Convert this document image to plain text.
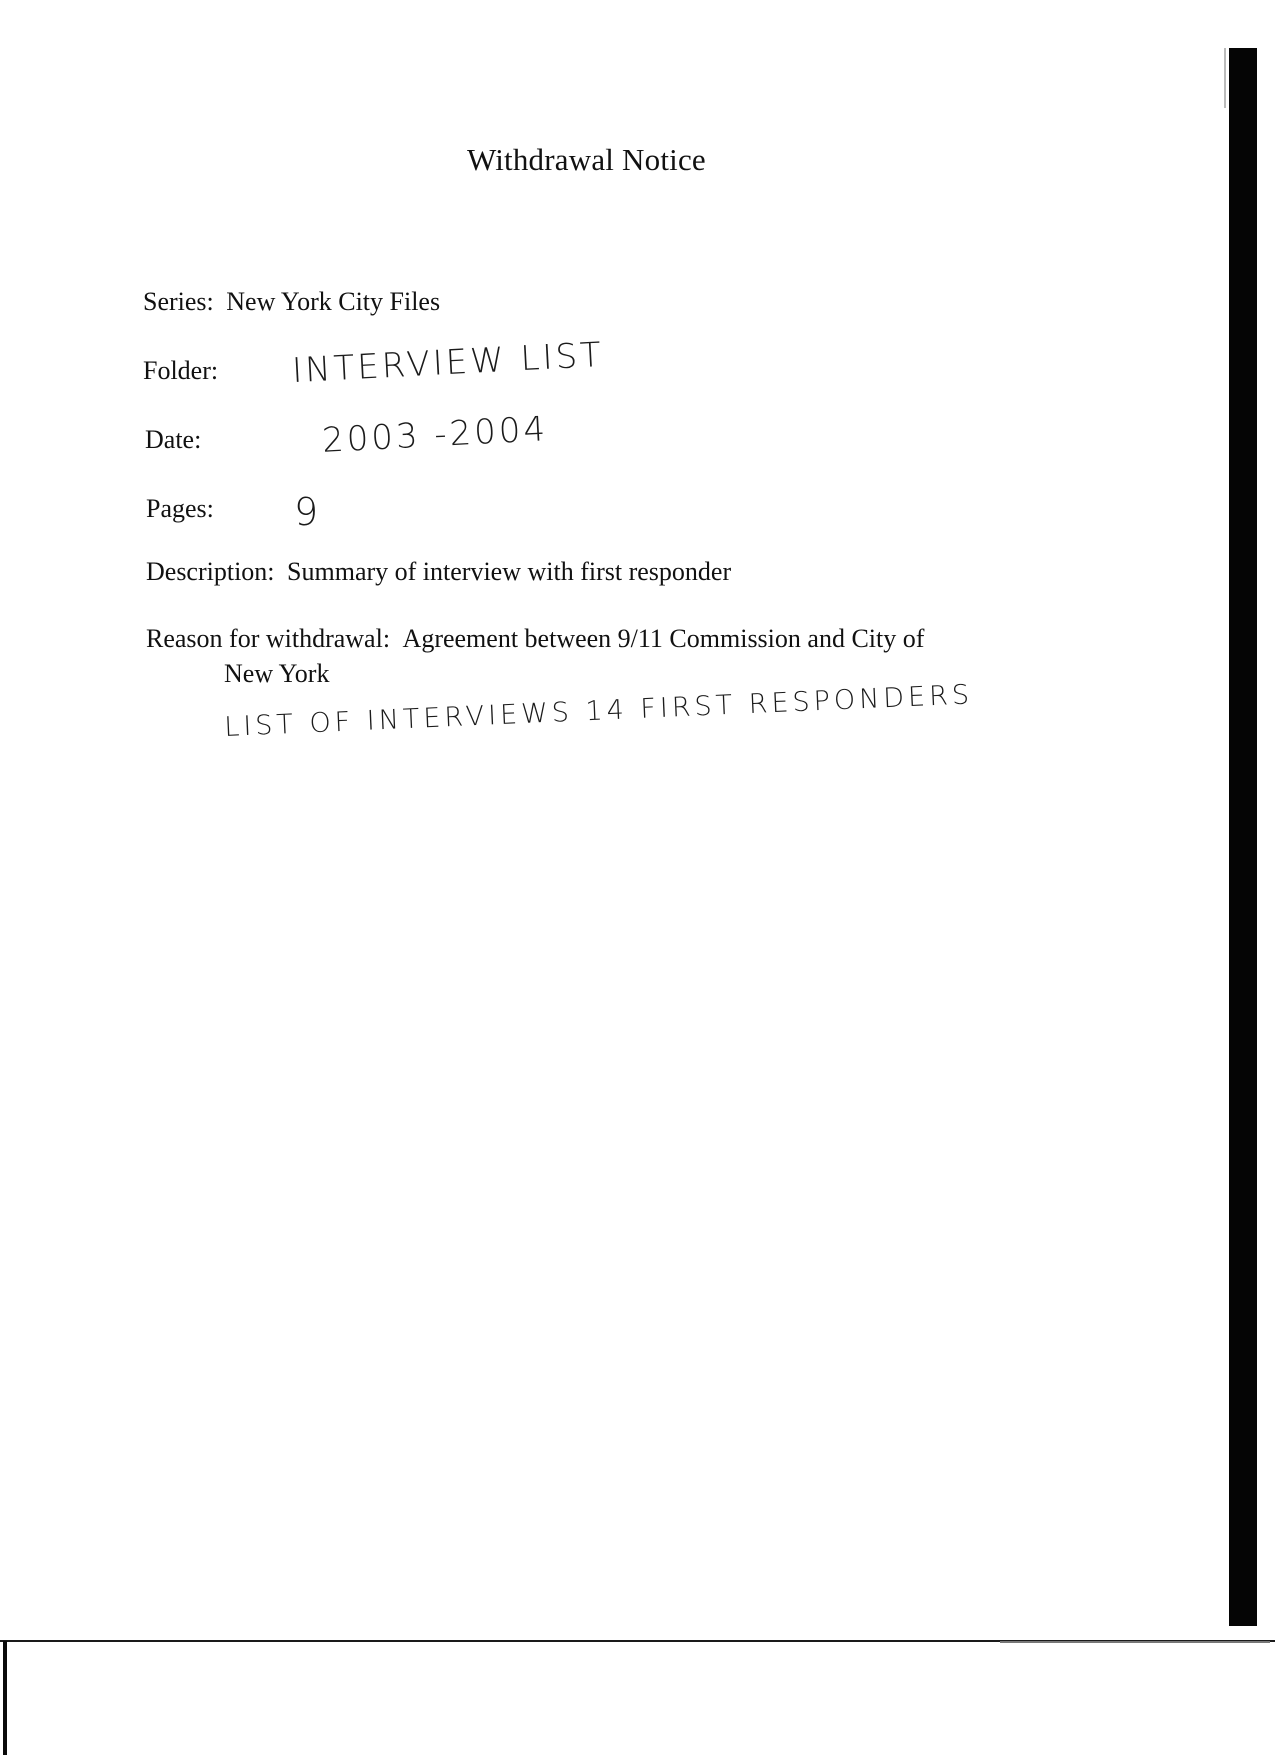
Withdrawal Notice
Series: New York City Files
Folder: INTERVIEW LIST
Date:	2003 -2004
Pages: 9
Description: Summary of interview with first responder
Reason for withdrawal: Agreement between 9/11 Commission and City of
New York
LIST OF INTERVIEWS 14 FIRST RESPONDERS
